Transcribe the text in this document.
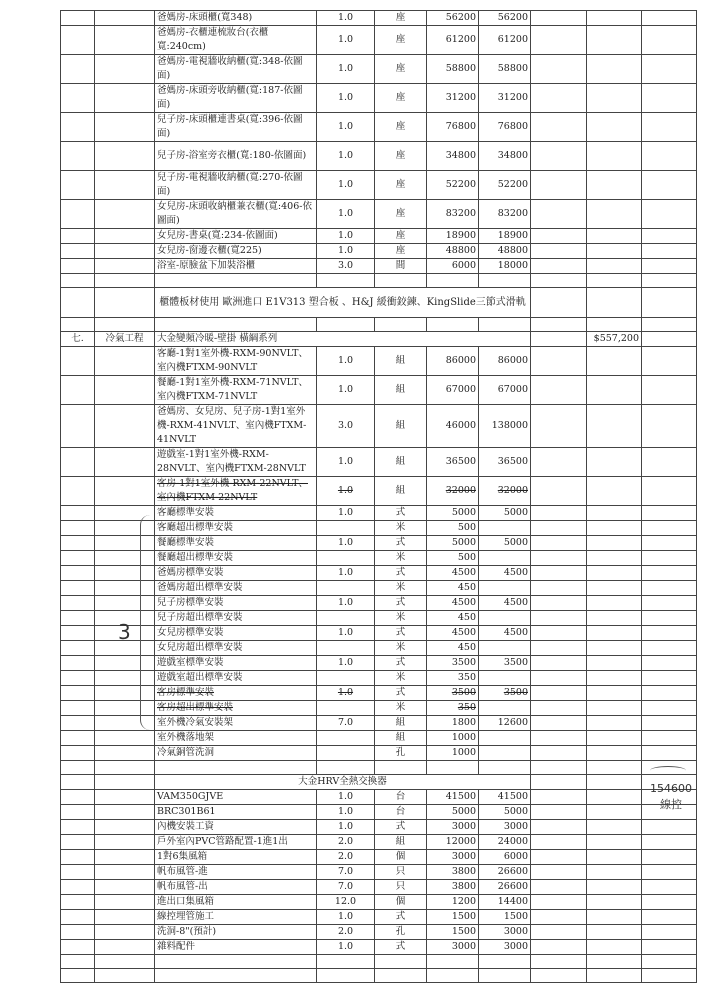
		爸媽房-床頭櫃(寬348)	1.0	座	56200	56200			
		爸媽房-衣櫃連梳妝台(衣櫃寬:240cm)	1.0	座	61200	61200			
		爸媽房-電視牆收納櫃(寬:348-依圖面)	1.0	座	58800	58800			
		爸媽房-床頭旁收納櫃(寬:187-依圖面)	1.0	座	31200	31200			
		兒子房-床頭櫃連書桌(寬:396-依圖面)	1.0	座	76800	76800			
		兒子房-浴室旁衣櫃(寬:180-依圖面)	1.0	座	34800	34800			
		兒子房-電視牆收納櫃(寬:270-依圖面)	1.0	座	52200	52200			
		女兒房-床頭收納櫃兼衣櫃(寬:406-依圖面)	1.0	座	83200	83200			
		女兒房-書桌(寬:234-依圖面)	1.0	座	18900	18900			
		女兒房-窗邊衣櫃(寬225)	1.0	座	48800	48800			
		浴室-原臉盆下加裝浴櫃	3.0	間	6000	18000			

		櫃體板材使用 歐洲進口 E1V313 塑合板 、H&J 緩衝鉸鍊、KingSlide三節式滑軌							

七.	冷氣工程	大金變頻冷暖-壁掛 橫綱系列						$557,200	
		客廳-1對1室外機-RXM-90NVLT、室內機FTXM-90NVLT	1.0	組	86000	86000			
		餐廳-1對1室外機-RXM-71NVLT、室內機FTXM-71NVLT	1.0	組	67000	67000			
		爸媽房、女兒房、兒子房-1對1室外機-RXM-41NVLT、室內機FTXM-41NVLT	3.0	組	46000	138000			
		遊戲室-1對1室外機-RXM-28NVLT、室內機FTXM-28NVLT	1.0	組	36500	36500			
		客房-1對1室外機-RXM-22NVLT、室內機FTXM-22NVLT	1.0	組	32000	32000			
		客廳標準安裝	1.0	式	5000	5000			
		客廳超出標準安裝		米	500				
		餐廳標準安裝	1.0	式	5000	5000			
		餐廳超出標準安裝		米	500				
		爸媽房標準安裝	1.0	式	4500	4500			
		爸媽房超出標準安裝		米	450				
		兒子房標準安裝	1.0	式	4500	4500			
		兒子房超出標準安裝		米	450				
		女兒房標準安裝	1.0	式	4500	4500			
		女兒房超出標準安裝		米	450				
		遊戲室標準安裝	1.0	式	3500	3500			
		遊戲室超出標準安裝		米	350				
		客房標準安裝	1.0	式	3500	3500			
		客房超出標準安裝		米	350				
		室外機冷氣安裝架	7.0	組	1800	12600			
		室外機落地架		組	1000				
		冷氣銅管洗洞		孔	1000				

		大金HRV全熱交換器							
		VAM350GJVE	1.0	台	41500	41500			
		BRC301B61	1.0	台	5000	5000			
		內機安裝工資	1.0	式	3000	3000			
		戶外室內PVC管路配置-1進1出	2.0	組	12000	24000			
		1對6集風箱	2.0	個	3000	6000			
		帆布風管-進	7.0	只	3800	26600			
		帆布風管-出	7.0	只	3800	26600			
		進出口集風箱	12.0	個	1200	14400			
		線控埋管施工	1.0	式	1500	1500			
		洗洞-8"(預計)	2.0	孔	1500	3000			
		雜料配件	1.0	式	3000	3000			

3
154600
線控
